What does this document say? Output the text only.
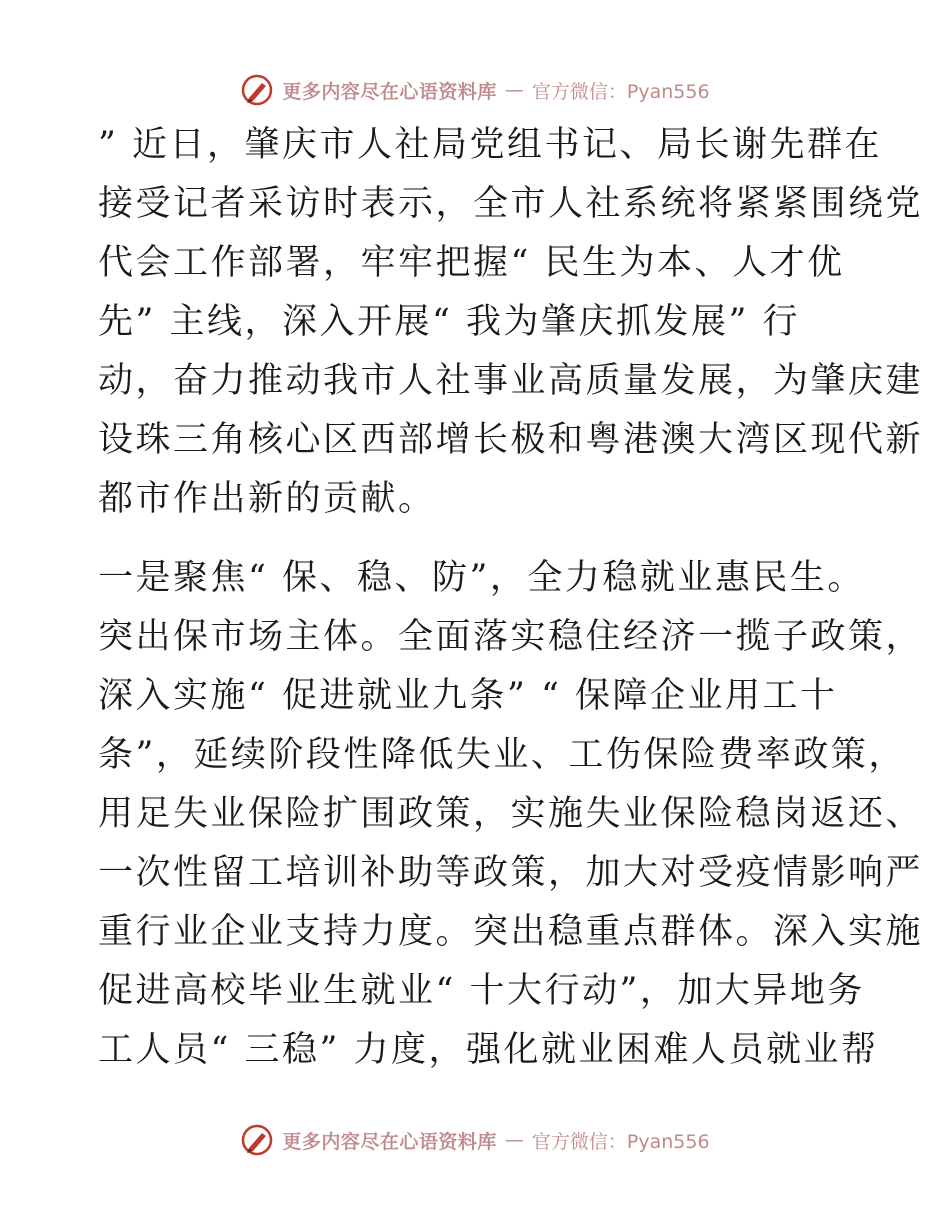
更多内容尽在心语资料库 — 官方微信：Pyan556
” 近日，肇庆市人社局党组书记、局长谢先群在
接受记者采访时表示，全市人社系统将紧紧围绕党
代会工作部署，牢牢把握“ 民生为本、人才优
先” 主线，深入开展“ 我为肇庆抓发展” 行
动，奋力推动我市人社事业高质量发展，为肇庆建
设珠三角核心区西部增长极和粤港澳大湾区现代新
都市作出新的贡献。
一是聚焦“ 保、稳、防”，全力稳就业惠民生。
突出保市场主体。全面落实稳住经济一揽子政策，
深入实施“ 促进就业九条” “ 保障企业用工十
条”，延续阶段性降低失业、工伤保险费率政策，
用足失业保险扩围政策，实施失业保险稳岗返还、
一次性留工培训补助等政策，加大对受疫情影响严
重行业企业支持力度。突出稳重点群体。深入实施
促进高校毕业生就业“ 十大行动”，加大异地务
工人员“ 三稳” 力度，强化就业困难人员就业帮
更多内容尽在心语资料库 — 官方微信：Pyan556
